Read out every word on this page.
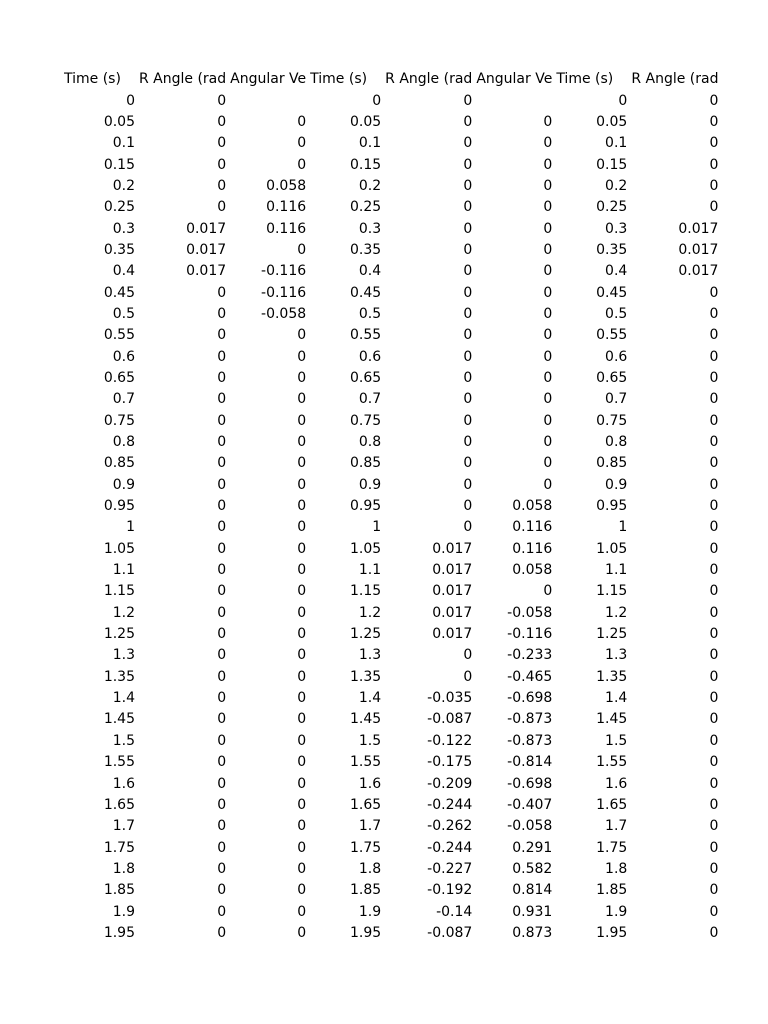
Time (s)	R Angle (rad	Angular Ve	Time (s)	R Angle (rad	Angular Ve	Time (s)	R Angle (rad

0	0		0	0		0	0
0.05	0	0	0.05	0	0	0.05	0
0.1	0	0	0.1	0	0	0.1	0
0.15	0	0	0.15	0	0	0.15	0
0.2	0	0.058	0.2	0	0	0.2	0
0.25	0	0.116	0.25	0	0	0.25	0
0.3	0.017	0.116	0.3	0	0	0.3	0.017
0.35	0.017	0	0.35	0	0	0.35	0.017
0.4	0.017	-0.116	0.4	0	0	0.4	0.017
0.45	0	-0.116	0.45	0	0	0.45	0
0.5	0	-0.058	0.5	0	0	0.5	0
0.55	0	0	0.55	0	0	0.55	0
0.6	0	0	0.6	0	0	0.6	0
0.65	0	0	0.65	0	0	0.65	0
0.7	0	0	0.7	0	0	0.7	0
0.75	0	0	0.75	0	0	0.75	0
0.8	0	0	0.8	0	0	0.8	0
0.85	0	0	0.85	0	0	0.85	0
0.9	0	0	0.9	0	0	0.9	0
0.95	0	0	0.95	0	0.058	0.95	0
1	0	0	1	0	0.116	1	0
1.05	0	0	1.05	0.017	0.116	1.05	0
1.1	0	0	1.1	0.017	0.058	1.1	0
1.15	0	0	1.15	0.017	0	1.15	0
1.2	0	0	1.2	0.017	-0.058	1.2	0
1.25	0	0	1.25	0.017	-0.116	1.25	0
1.3	0	0	1.3	0	-0.233	1.3	0
1.35	0	0	1.35	0	-0.465	1.35	0
1.4	0	0	1.4	-0.035	-0.698	1.4	0
1.45	0	0	1.45	-0.087	-0.873	1.45	0
1.5	0	0	1.5	-0.122	-0.873	1.5	0
1.55	0	0	1.55	-0.175	-0.814	1.55	0
1.6	0	0	1.6	-0.209	-0.698	1.6	0
1.65	0	0	1.65	-0.244	-0.407	1.65	0
1.7	0	0	1.7	-0.262	-0.058	1.7	0
1.75	0	0	1.75	-0.244	0.291	1.75	0
1.8	0	0	1.8	-0.227	0.582	1.8	0
1.85	0	0	1.85	-0.192	0.814	1.85	0
1.9	0	0	1.9	-0.14	0.931	1.9	0
1.95	0	0	1.95	-0.087	0.873	1.95	0
